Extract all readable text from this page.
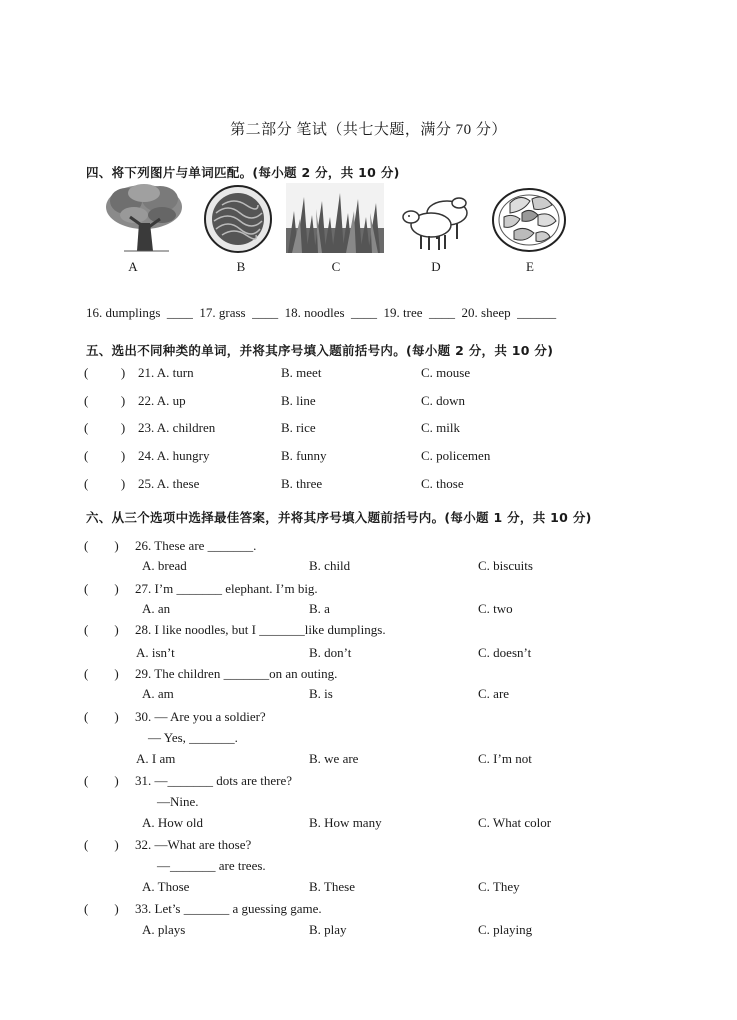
第二部分 笔试（共七大题，满分 70 分）
四、将下列图片与单词匹配。(每小题 2 分，共 10 分)
A	B	C	D	E
16. dumplings  ____  17. grass  ____  18. noodles  ____  19. tree  ____  20. sheep  ______
五、选出不同种类的单词，并将其序号填入题前括号内。(每小题 2 分，共 10 分)
(          ) 21. A. turn	B. meet	C. mouse
(          ) 22. A. up	B. line	C. down
(          ) 23. A. children	B. rice	C. milk
(          ) 24. A. hungry	B. funny	C. policemen
(          ) 25. A. these	B. three	C. those
六、从三个选项中选择最佳答案，并将其序号填入题前括号内。(每小题 1 分，共 10 分)
(        ) 26. These are _______.
A. bread	B. child	C. biscuits
(        ) 27. I’m _______ elephant. I’m big.
A. an	B. a	C. two
(        ) 28. I like noodles, but I _______like dumplings.
A. isn’t	B. don’t	C. doesn’t
(        ) 29. The children _______on an outing.
A. am	B. is	C. are
(        ) 30. — Are you a soldier?
— Yes, _______.
A. I am	B. we are	C. I’m not
(        ) 31. —_______ dots are there?
—Nine.
A. How old	B. How many	C. What color
(        ) 32. —What are those?
—_______ are trees.
A. Those	B. These	C. They
(        ) 33. Let’s _______ a guessing game.
A. plays	B. play	C. playing
